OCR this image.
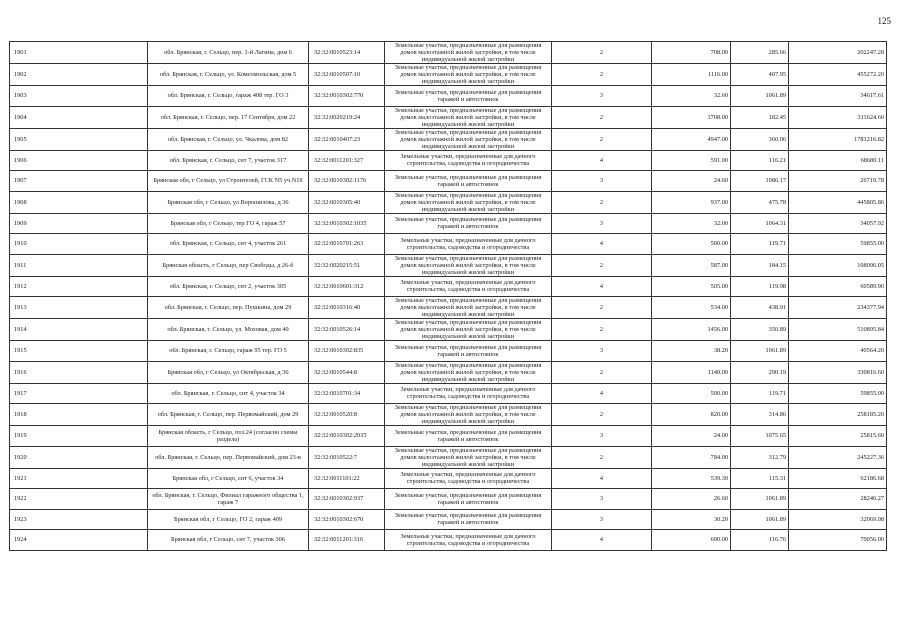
125
1901	обл. Брянская, г. Сельцо, пер. 1-й Лагина, дом 6	32:32:0010523:14	Земельные участки, предназначенные для размещения домов малоэтажной жилой застройки, в том числе индивидуальной жилой застройки	2	708.00	285.66	202247.28
1902	обл. Брянская, г. Сельцо, ул. Комсомольская, дом 5	32:32:0010507:10	Земельные участки, предназначенные для размещения домов малоэтажной жилой застройки, в том числе индивидуальной жилой застройки	2	1116.00	407.95	455272.20
1903	обл. Брянская, г. Сельцо, гараж 408 тер. ГО 3	32:32:0010302:770	Земельные участки, предназначенные для размещения гаражей и автостоянок	3	32.60	1061.89	34617.61
1904	обл. Брянская, г. Сельцо, пер. 17 Сентября, дом 22	32:32:0020219:24	Земельные участки, предназначенные для размещения домов малоэтажной жилой застройки, в том числе индивидуальной жилой застройки	2	1708.00	182.45	311624.60
1905	обл. Брянская, г. Сельцо, ул. Чкалова, дом 82	32:32:0010407:23	Земельные участки, предназначенные для размещения домов малоэтажной жилой застройки, в том числе индивидуальной жилой застройки	2	4947.00	360.06	1781216.82
1906	обл. Брянская, г. Сельцо, снт 7, участок 317	32:32:0011201:327	Земельные участки, предназначенные для дачного строительства, садоводства и огородничества	4	591.00	116.21	68680.11
1907	Брянская обл, г Сельцо, ул Строителей, ГСК N5 уч.N19	32:32:0010302:1176	Земельные участки, предназначенные для размещения гаражей и автостоянок	3	24.60	1086.17	26719.78
1908	Брянская обл, г Сельцо, ул Ворошилова, д 36	32:32:0010305:40	Земельные участки, предназначенные для размещения домов малоэтажной жилой застройки, в том числе индивидуальной жилой застройки	2	937.00	475.78	445805.86
1909	Брянская обл, г Сельцо, тер ГО 4, гараж 57	32:32:0010302:1035	Земельные участки, предназначенные для размещения гаражей и автостоянок	3	32.00	1064.31	34057.92
1910	обл. Брянская, г. Сельцо, снт 4, участок 261	32:32:0010701:263	Земельные участки, предназначенные для дачного строительства, садоводства и огородничества	4	500.00	119.71	59855.00
1911	Брянская область, г Сельцо, пер Свободы, д 26-б	32:32:0020215:51	Земельные участки, предназначенные для размещения домов малоэтажной жилой застройки, в том числе индивидуальной жилой застройки	2	587.00	184.15	108096.05
1912	обл. Брянская, г. Сельцо, снт 2, участок 305	32:32:0010601:312	Земельные участки, предназначенные для дачного строительства, садоводства и огородничества	4	505.00	119.98	60589.90
1913	обл. Брянская, г. Сельцо, пер. Пушкина, дом 29	32:32:0010316:40	Земельные участки, предназначенные для размещения домов малоэтажной жилой застройки, в том числе индивидуальной жилой застройки	2	534.00	438.91	234377.94
1914	обл. Брянская, г. Сельцо, ул. Моховая, дом 40	32:32:0010526:14	Земельные участки, предназначенные для размещения домов малоэтажной жилой застройки, в том числе индивидуальной жилой застройки	2	1456.00	350.89	510895.84
1915	обл. Брянская, г. Сельцо, гараж 95 тер. ГО 5	32:32:0010302:835	Земельные участки, предназначенные для размещения гаражей и автостоянок	3	38.20	1061.89	40564.20
1916	Брянская обл, г Сельцо, ул Октябрьская, д 36	32:32:0010544:8	Земельные участки, предназначенные для размещения домов малоэтажной жилой застройки, в том числе индивидуальной жилой застройки	2	1140.00	290.19	330816.60
1917	обл. Брянская, г. Сельцо, снт 4, участок 34	32:32:0010701:34	Земельные участки, предназначенные для дачного строительства, садоводства и огородничества	4	500.00	119.71	59855.00
1918	обл. Брянская, г. Сельцо, пер. Первомайский, дом 29	32:32:0010520:8	Земельные участки, предназначенные для размещения домов малоэтажной жилой застройки, в том числе индивидуальной жилой застройки	2	820.00	314.86	258185.20
1919	Брянская область, г Сельцо, поз.24 (согласно схемы раздела)	32:32:0010302:2035	Земельные участки, предназначенные для размещения гаражей и автостоянок	3	24.00	1075.65	25815.60
1920	обл. Брянская, г. Сельцо, пер. Первомайский, дом 23-в	32:32:0010522:7	Земельные участки, предназначенные для размещения домов малоэтажной жилой застройки, в том числе индивидуальной жилой застройки	2	784.00	312.79	245227.36
1921	Брянская обл, г Сельцо, снт 6, участок 34	32:32:0011101:22	Земельные участки, предназначенные для дачного строительства, садоводства и огородничества	4	539.30	115.31	62186.68
1922	обл. Брянская, г. Сельцо, Филиал гаражного общества 1, гараж 7	32:32:0010302:937	Земельные участки, предназначенные для размещения гаражей и автостоянок	3	26.60	1061.89	28246.27
1923	Брянская обл, г Сельцо, ГО 2, гараж 409	32:32:0010302:670	Земельные участки, предназначенные для размещения гаражей и автостоянок	3	30.20	1061.89	32069.08
1924	Брянская обл, г Сельцо, снт 7, участок 306	32:32:0011201:316	Земельные участки, предназначенные для дачного строительства, садоводства и огородничества	4	600.00	116.76	70056.00
